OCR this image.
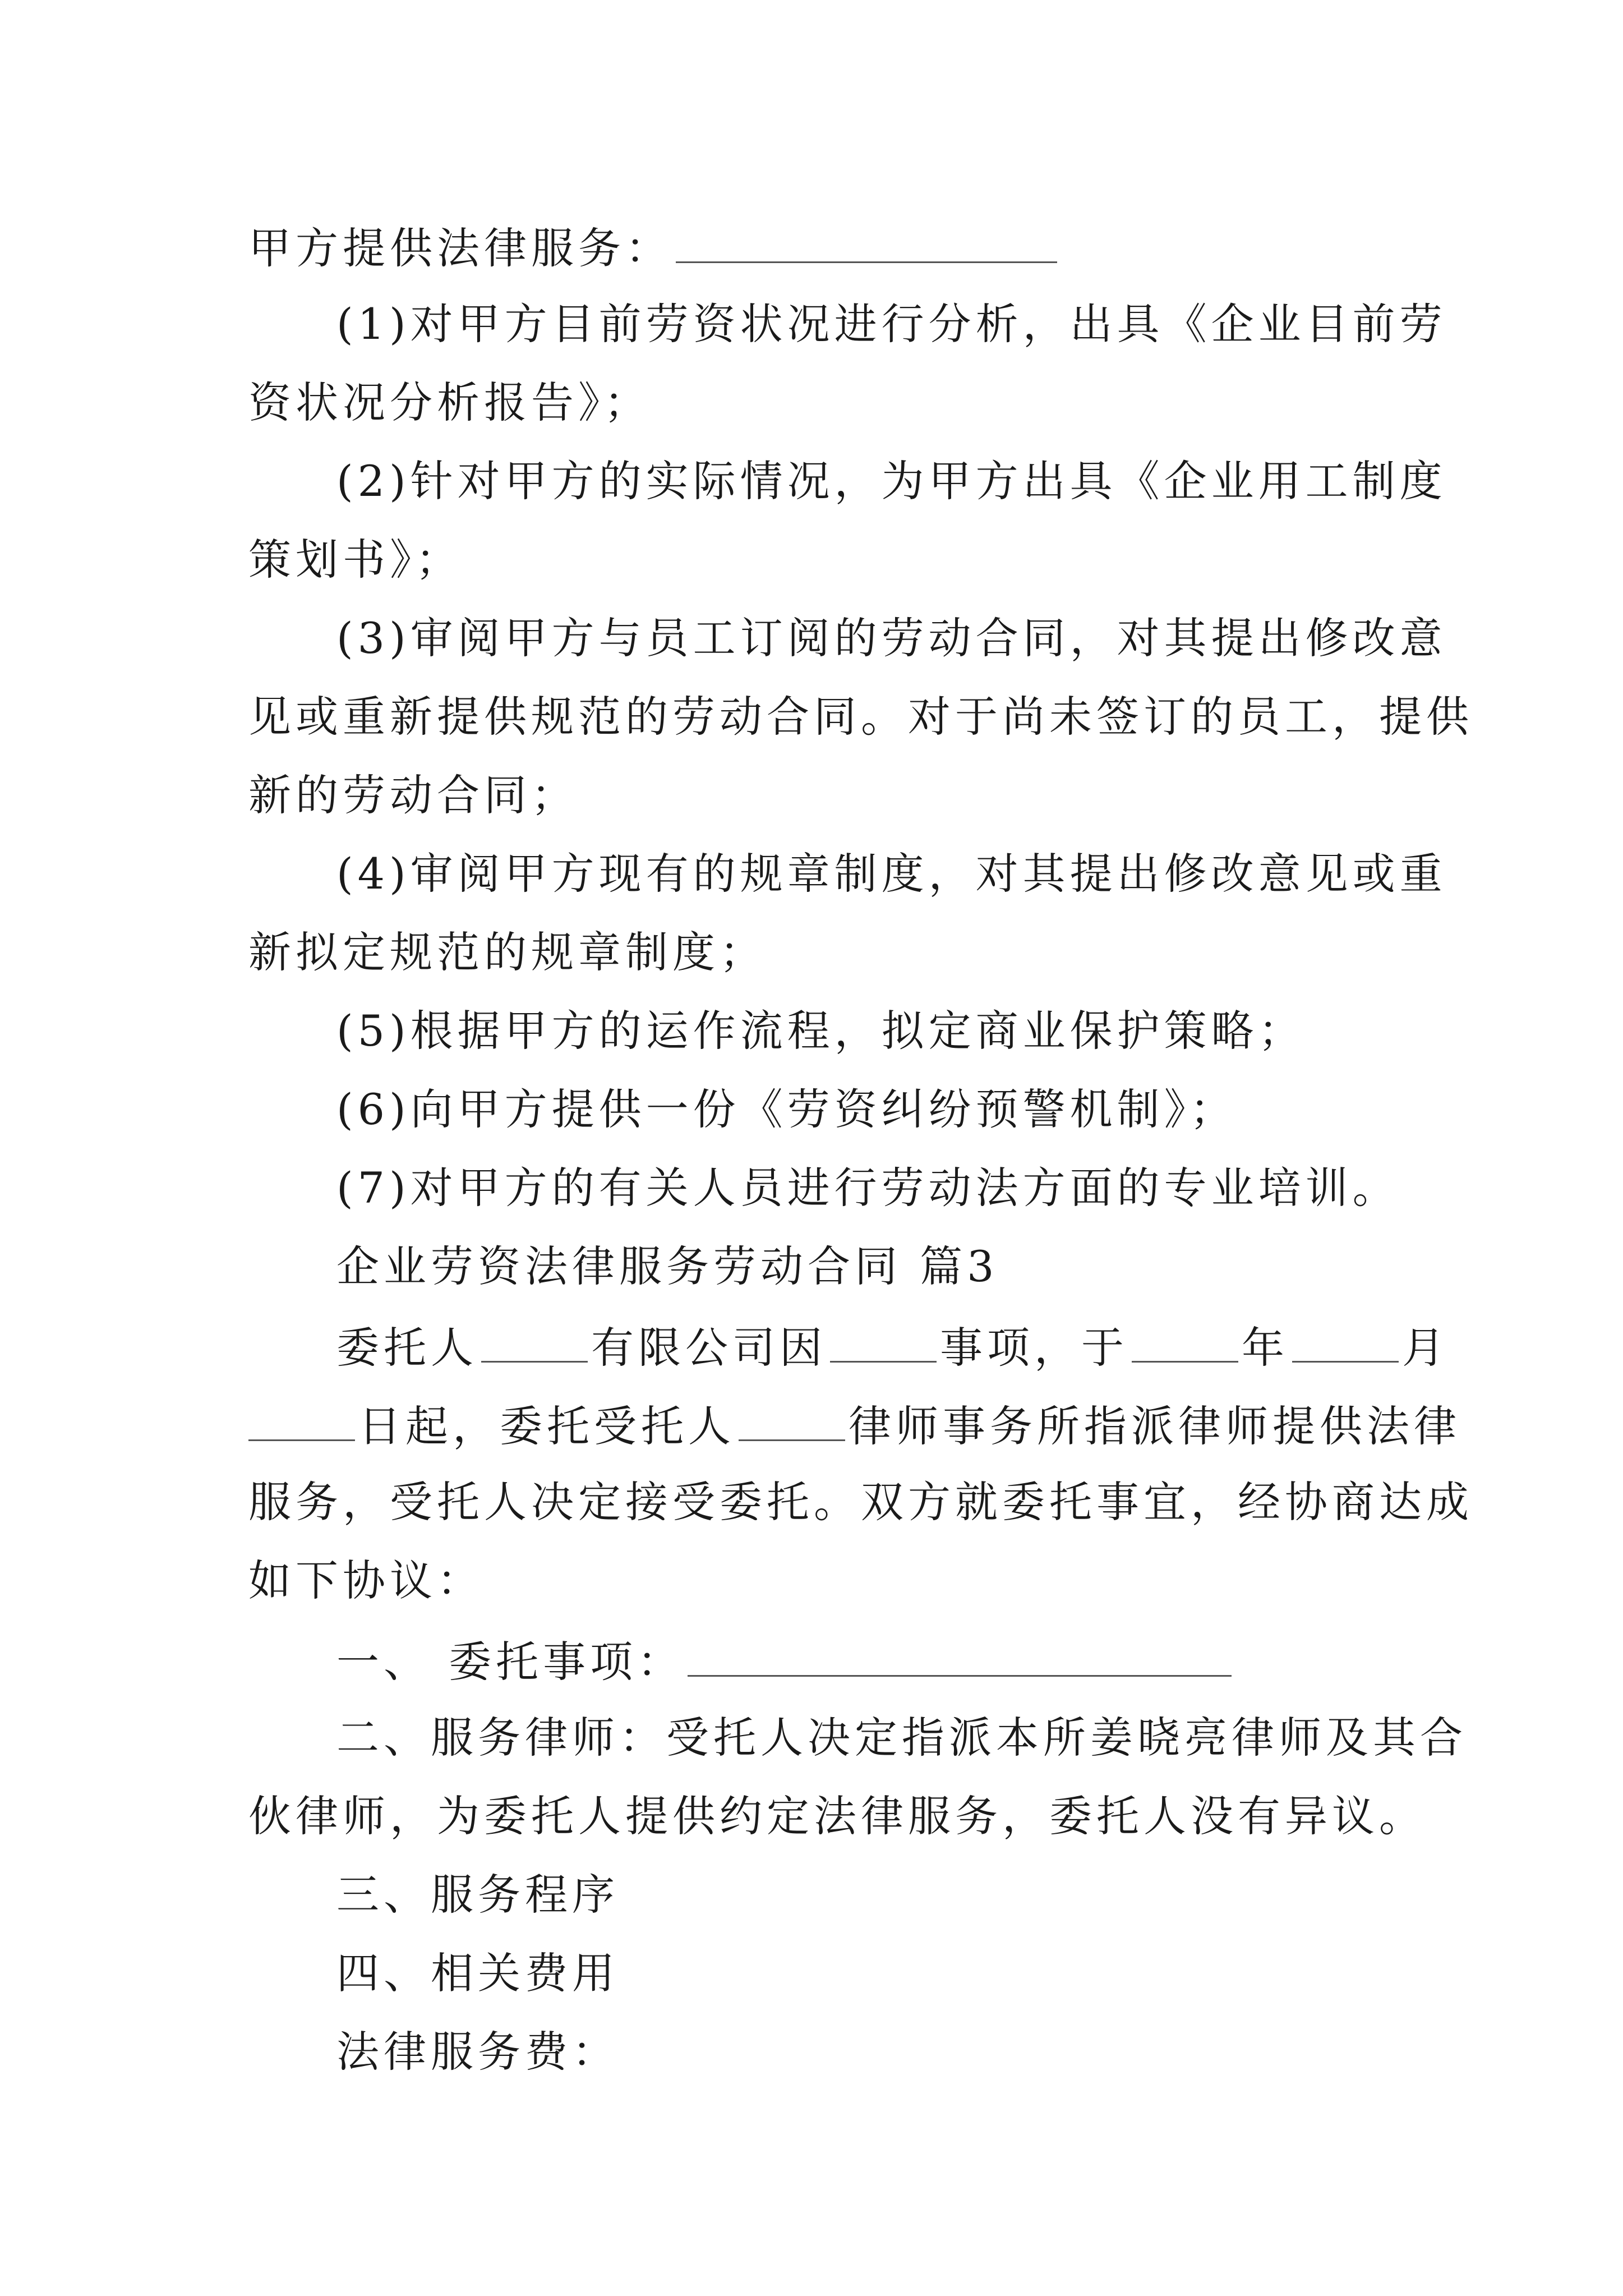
甲方提供法律服务：
(1)对甲方目前劳资状况进行分析，出具《企业目前劳
资状况分析报告》；
(2)针对甲方的实际情况，为甲方出具《企业用工制度
策划书》；
(3)审阅甲方与员工订阅的劳动合同，对其提出修改意
见或重新提供规范的劳动合同。对于尚未签订的员工，提供
新的劳动合同；
(4)审阅甲方现有的规章制度，对其提出修改意见或重
新拟定规范的规章制度；
(5)根据甲方的运作流程，拟定商业保护策略；
(6)向甲方提供一份《劳资纠纷预警机制》；
(7)对甲方的有关人员进行劳动法方面的专业培训。
企业劳资法律服务劳动合同 篇3
委托人	有限公司因	事项，于	年	月
日起，委托受托人	律师事务所指派律师提供法律
服务，受托人决定接受委托。双方就委托事宜，经协商达成
如下协议：
一、 委托事项：
二、服务律师：受托人决定指派本所姜晓亮律师及其合
伙律师，为委托人提供约定法律服务，委托人没有异议。
三、服务程序
四、相关费用
法律服务费：
